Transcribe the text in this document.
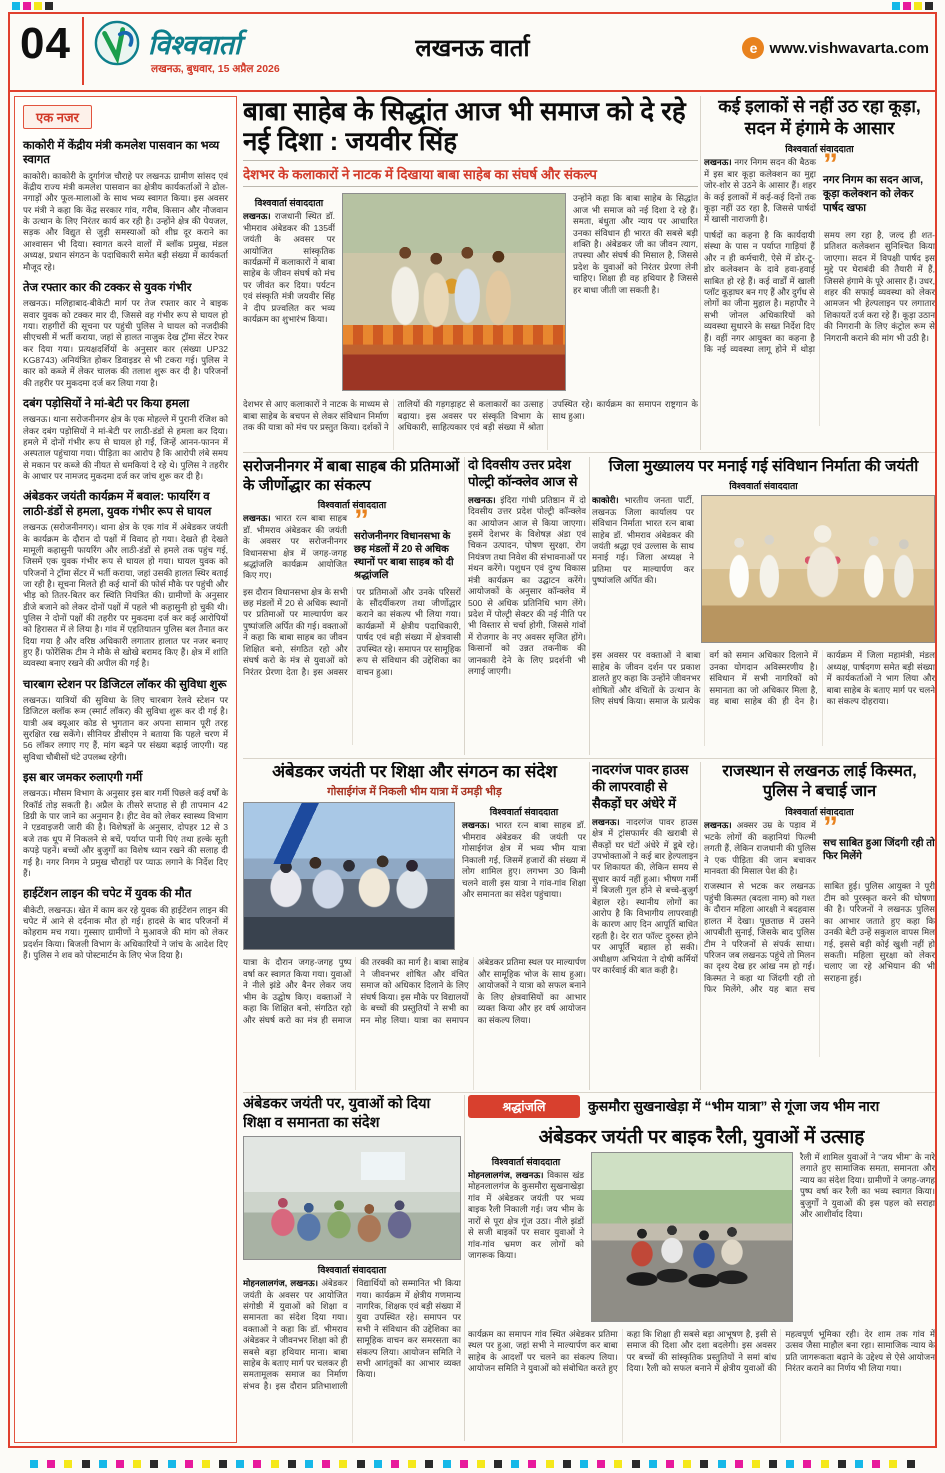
04	विश्ववार्ता
लखनऊ, बुधवार, 15 अप्रैल 2026
लखनऊ वार्ता	e www.vishwavarta.com
एक नजर
काकोरी में केंद्रीय मंत्री कमलेश पासवान का भव्य स्वागत

काकोरी। काकोरी के दुर्गागंज चौराहे पर लखनऊ ग्रामीण सांसद एवं केंद्रीय राज्य मंत्री कमलेश पासवान का क्षेत्रीय कार्यकर्ताओं ने ढोल-नगाड़ों और फूल-मालाओं के साथ भव्य स्वागत किया। इस अवसर पर मंत्री ने कहा कि केंद्र सरकार गांव, गरीब, किसान और नौजवान के उत्थान के लिए निरंतर कार्य कर रही है। उन्होंने क्षेत्र की पेयजल, सड़क और विद्युत से जुड़ी समस्याओं को शीघ्र दूर कराने का आश्वासन भी दिया। स्वागत करने वालों में ब्लॉक प्रमुख, मंडल अध्यक्ष, प्रधान संगठन के पदाधिकारी समेत बड़ी संख्या में कार्यकर्ता मौजूद रहे।

तेज रफ्तार कार की टक्कर से युवक गंभीर

लखनऊ। मलिहाबाद-बीकेटी मार्ग पर तेज रफ्तार कार ने बाइक सवार युवक को टक्कर मार दी, जिससे वह गंभीर रूप से घायल हो गया। राहगीरों की सूचना पर पहुंची पुलिस ने घायल को नजदीकी सीएचसी में भर्ती कराया, जहां से हालत नाजुक देख ट्रॉमा सेंटर रेफर कर दिया गया। प्रत्यक्षदर्शियों के अनुसार कार (संख्या UP32 KG8743) अनियंत्रित होकर डिवाइडर से भी टकरा गई। पुलिस ने कार को कब्जे में लेकर चालक की तलाश शुरू कर दी है। परिजनों की तहरीर पर मुकदमा दर्ज कर लिया गया है।

दबंग पड़ोसियों ने मां-बेटी पर किया हमला

लखनऊ। थाना सरोजनीनगर क्षेत्र के एक मोहल्ले में पुरानी रंजिश को लेकर दबंग पड़ोसियों ने मां-बेटी पर लाठी-डंडों से हमला कर दिया। हमले में दोनों गंभीर रूप से घायल हो गईं, जिन्हें आनन-फानन में अस्पताल पहुंचाया गया। पीड़िता का आरोप है कि आरोपी लंबे समय से मकान पर कब्जे की नीयत से धमकियां दे रहे थे। पुलिस ने तहरीर के आधार पर नामजद मुकदमा दर्ज कर जांच शुरू कर दी है।

अंबेडकर जयंती कार्यक्रम में बवाल: फायरिंग व लाठी-डंडों से हमला, युवक गंभीर रूप से घायल

लखनऊ (सरोजनीनगर)। थाना क्षेत्र के एक गांव में अंबेडकर जयंती के कार्यक्रम के दौरान दो पक्षों में विवाद हो गया। देखते ही देखते मामूली कहासुनी फायरिंग और लाठी-डंडों से हमले तक पहुंच गई, जिसमें एक युवक गंभीर रूप से घायल हो गया। घायल युवक को परिजनों ने ट्रॉमा सेंटर में भर्ती कराया, जहां उसकी हालत स्थिर बताई जा रही है। सूचना मिलते ही कई थानों की फोर्स मौके पर पहुंची और भीड़ को तितर-बितर कर स्थिति नियंत्रित की। ग्रामीणों के अनुसार डीजे बजाने को लेकर दोनों पक्षों में पहले भी कहासुनी हो चुकी थी। पुलिस ने दोनों पक्षों की तहरीर पर मुकदमा दर्ज कर कई आरोपियों को हिरासत में ले लिया है। गांव में एहतियातन पुलिस बल तैनात कर दिया गया है और वरिष्ठ अधिकारी लगातार हालात पर नजर बनाए हुए हैं। फोरेंसिक टीम ने मौके से खोखे बरामद किए हैं। क्षेत्र में शांति व्यवस्था बनाए रखने की अपील की गई है।

चारबाग स्टेशन पर डिजिटल लॉकर की सुविधा शुरू

लखनऊ। यात्रियों की सुविधा के लिए चारबाग रेलवे स्टेशन पर डिजिटल क्लॉक रूम (स्मार्ट लॉकर) की सुविधा शुरू कर दी गई है। यात्री अब क्यूआर कोड से भुगतान कर अपना सामान पूरी तरह सुरक्षित रख सकेंगे। सीनियर डीसीएम ने बताया कि पहले चरण में 56 लॉकर लगाए गए हैं, मांग बढ़ने पर संख्या बढ़ाई जाएगी। यह सुविधा चौबीसों घंटे उपलब्ध रहेगी।

इस बार जमकर रुलाएगी गर्मी

लखनऊ। मौसम विभाग के अनुसार इस बार गर्मी पिछले कई वर्षों के रिकॉर्ड तोड़ सकती है। अप्रैल के तीसरे सप्ताह से ही तापमान 42 डिग्री के पार जाने का अनुमान है। हीट वेव को लेकर स्वास्थ्य विभाग ने एडवाइजरी जारी की है। विशेषज्ञों के अनुसार, दोपहर 12 से 3 बजे तक धूप में निकलने से बचें, पर्याप्त पानी पिएं तथा हल्के सूती कपड़े पहनें। बच्चों और बुजुर्गों का विशेष ध्यान रखने की सलाह दी गई है। नगर निगम ने प्रमुख चौराहों पर प्याऊ लगाने के निर्देश दिए हैं।

हाईटेंशन लाइन की चपेट में युवक की मौत

बीकेटी, लखनऊ। खेत में काम कर रहे युवक की हाईटेंशन लाइन की चपेट में आने से दर्दनाक मौत हो गई। हादसे के बाद परिजनों में कोहराम मच गया। गुस्साए ग्रामीणों ने मुआवजे की मांग को लेकर प्रदर्शन किया। बिजली विभाग के अधिकारियों ने जांच के आदेश दिए हैं। पुलिस ने शव को पोस्टमार्टम के लिए भेज दिया है।

बाबा साहेब के सिद्धांत आज भी समाज को दे रहे नई दिशा : जयवीर सिंह
देशभर के कलाकारों ने नाटक में दिखाया बाबा साहेब का संघर्ष और संकल्प
विश्ववार्ता संवाददाता

लखनऊ। राजधानी स्थित डॉ. भीमराव अंबेडकर की 135वीं जयंती के अवसर पर आयोजित सांस्कृतिक कार्यक्रमों में कलाकारों ने बाबा साहेब के जीवन संघर्ष को मंच पर जीवंत कर दिया। पर्यटन एवं संस्कृति मंत्री जयवीर सिंह ने दीप प्रज्वलित कर भव्य कार्यक्रम का शुभारंभ किया।

उन्होंने कहा कि बाबा साहेब के सिद्धांत आज भी समाज को नई दिशा दे रहे हैं। समता, बंधुता और न्याय पर आधारित उनका संविधान ही भारत की सबसे बड़ी शक्ति है। अंबेडकर जी का जीवन त्याग, तपस्या और संघर्ष की मिसाल है, जिससे प्रदेश के युवाओं को निरंतर प्रेरणा लेनी चाहिए। शिक्षा ही वह हथियार है जिससे हर बाधा जीती जा सकती है।

देशभर से आए कलाकारों ने नाटक के माध्यम से बाबा साहेब के बचपन से लेकर संविधान निर्माण तक की यात्रा को मंच पर प्रस्तुत किया। दर्शकों ने तालियों की गड़गड़ाहट से कलाकारों का उत्साह बढ़ाया। इस अवसर पर संस्कृति विभाग के अधिकारी, साहित्यकार एवं बड़ी संख्या में श्रोता उपस्थित रहे। कार्यक्रम का समापन राष्ट्रगान के साथ हुआ।
कई इलाकों से नहीं उठ रहा कूड़ा, सदन में हंगामे के आसार
विश्ववार्ता संवाददाता

लखनऊ। नगर निगम सदन की बैठक में इस बार कूड़ा कलेक्शन का मुद्दा जोर-शोर से उठने के आसार हैं। शहर के कई इलाकों में कई-कई दिनों तक कूड़ा नहीं उठ रहा है, जिससे पार्षदों में खासी नाराजगी है।

” नगर निगम का सदन आज, कूड़ा कलेक्शन को लेकर पार्षद खफा
पार्षदों का कहना है कि कार्यदायी संस्था के पास न पर्याप्त गाड़ियां हैं और न ही कर्मचारी, ऐसे में डोर-टू-डोर कलेक्शन के दावे हवा-हवाई साबित हो रहे हैं। कई वार्डों में खाली प्लॉट कूड़ाघर बन गए हैं और दुर्गंध से लोगों का जीना मुहाल है। महापौर ने सभी जोनल अधिकारियों को व्यवस्था सुधारने के सख्त निर्देश दिए हैं। वहीं नगर आयुक्त का कहना है कि नई व्यवस्था लागू होने में थोड़ा समय लग रहा है, जल्द ही शत-प्रतिशत कलेक्शन सुनिश्चित किया जाएगा। सदन में विपक्षी पार्षद इस मुद्दे पर घेराबंदी की तैयारी में हैं, जिससे हंगामे के पूरे आसार हैं। उधर, शहर की सफाई व्यवस्था को लेकर आमजन भी हेल्पलाइन पर लगातार शिकायतें दर्ज करा रहे हैं। कूड़ा उठान की निगरानी के लिए कंट्रोल रूम से निगरानी कराने की मांग भी उठी है।
सरोजनीनगर में बाबा साहब की प्रतिमाओं के जीर्णोद्धार का संकल्प
विश्ववार्ता संवाददाता

लखनऊ। भारत रत्न बाबा साहब डॉ. भीमराव अंबेडकर की जयंती के अवसर पर सरोजनीनगर विधानसभा क्षेत्र में जगह-जगह श्रद्धांजलि कार्यक्रम आयोजित किए गए।

” सरोजनीनगर विधानसभा के छह मंडलों में 20 से अधिक स्थानों पर बाबा साहब को दी श्रद्धांजलि
इस दौरान विधानसभा क्षेत्र के सभी छह मंडलों में 20 से अधिक स्थानों पर प्रतिमाओं पर माल्यार्पण कर पुष्पांजलि अर्पित की गई। वक्ताओं ने कहा कि बाबा साहब का जीवन शिक्षित बनो, संगठित रहो और संघर्ष करो के मंत्र से युवाओं को निरंतर प्रेरणा देता है। इस अवसर पर प्रतिमाओं और उनके परिसरों के सौंदर्यीकरण तथा जीर्णोद्धार कराने का संकल्प भी लिया गया। कार्यक्रमों में क्षेत्रीय पदाधिकारी, पार्षद एवं बड़ी संख्या में क्षेत्रवासी उपस्थित रहे। समापन पर सामूहिक रूप से संविधान की उद्देशिका का वाचन हुआ।
दो दिवसीय उत्तर प्रदेश पोल्ट्री कॉन्क्लेव आज से

लखनऊ। इंदिरा गांधी प्रतिष्ठान में दो दिवसीय उत्तर प्रदेश पोल्ट्री कॉन्क्लेव का आयोजन आज से किया जाएगा। इसमें देशभर के विशेषज्ञ अंडा एवं चिकन उत्पादन, पोषण सुरक्षा, रोग नियंत्रण तथा निवेश की संभावनाओं पर मंथन करेंगे। पशुधन एवं दुग्ध विकास मंत्री कार्यक्रम का उद्घाटन करेंगे। आयोजकों के अनुसार कॉन्क्लेव में 500 से अधिक प्रतिनिधि भाग लेंगे। प्रदेश में पोल्ट्री सेक्टर की नई नीति पर भी विस्तार से चर्चा होगी, जिससे गांवों में रोजगार के नए अवसर सृजित होंगे। किसानों को उन्नत तकनीक की जानकारी देने के लिए प्रदर्शनी भी लगाई जाएगी।

जिला मुख्यालय पर मनाई गई संविधान निर्माता की जयंती
विश्ववार्ता संवाददाता

काकोरी। भारतीय जनता पार्टी, लखनऊ जिला कार्यालय पर संविधान निर्माता भारत रत्न बाबा साहेब डॉ. भीमराव अंबेडकर की जयंती श्रद्धा एवं उल्लास के साथ मनाई गई। जिला अध्यक्ष ने प्रतिमा पर माल्यार्पण कर पुष्पांजलि अर्पित की।

इस अवसर पर वक्ताओं ने बाबा साहेब के जीवन दर्शन पर प्रकाश डालते हुए कहा कि उन्होंने जीवनभर शोषितों और वंचितों के उत्थान के लिए संघर्ष किया। समाज के प्रत्येक वर्ग को समान अधिकार दिलाने में उनका योगदान अविस्मरणीय है। संविधान में सभी नागरिकों को समानता का जो अधिकार मिला है, वह बाबा साहेब की ही देन है। कार्यक्रम में जिला महामंत्री, मंडल अध्यक्ष, पार्षदगण समेत बड़ी संख्या में कार्यकर्ताओं ने भाग लिया और बाबा साहेब के बताए मार्ग पर चलने का संकल्प दोहराया।
अंबेडकर जयंती पर शिक्षा और संगठन का संदेश
गोसाईगंज में निकली भीम यात्रा में उमड़ी भीड़
विश्ववार्ता संवाददाता

लखनऊ। भारत रत्न बाबा साहब डॉ. भीमराव अंबेडकर की जयंती पर गोसाईगंज क्षेत्र में भव्य भीम यात्रा निकाली गई, जिसमें हजारों की संख्या में लोग शामिल हुए। लगभग 30 किमी चलने वाली इस यात्रा ने गांव-गांव शिक्षा और समानता का संदेश पहुंचाया।

यात्रा के दौरान जगह-जगह पुष्प वर्षा कर स्वागत किया गया। युवाओं ने नीले झंडे और बैनर लेकर जय भीम के उद्घोष किए। वक्ताओं ने कहा कि शिक्षित बनो, संगठित रहो और संघर्ष करो का मंत्र ही समाज की तरक्की का मार्ग है। बाबा साहेब ने जीवनभर शोषित और वंचित समाज को अधिकार दिलाने के लिए संघर्ष किया। इस मौके पर विद्यालयों के बच्चों की प्रस्तुतियों ने सभी का मन मोह लिया। यात्रा का समापन अंबेडकर प्रतिमा स्थल पर माल्यार्पण और सामूहिक भोज के साथ हुआ। आयोजकों ने यात्रा को सफल बनाने के लिए क्षेत्रवासियों का आभार व्यक्त किया और हर वर्ष आयोजन का संकल्प लिया।
नादरगंज पावर हाउस की लापरवाही से सैकड़ों घर अंधेरे में

लखनऊ। नादरगंज पावर हाउस क्षेत्र में ट्रांसफार्मर की खराबी से सैकड़ों घर घंटों अंधेरे में डूबे रहे। उपभोक्ताओं ने कई बार हेल्पलाइन पर शिकायत की, लेकिन समय से सुधार कार्य नहीं हुआ। भीषण गर्मी में बिजली गुल होने से बच्चे-बुजुर्ग बेहाल रहे। स्थानीय लोगों का आरोप है कि विभागीय लापरवाही के कारण आए दिन आपूर्ति बाधित रहती है। देर रात फॉल्ट दुरुस्त होने पर आपूर्ति बहाल हो सकी। अधीक्षण अभियंता ने दोषी कर्मियों पर कार्रवाई की बात कही है।

राजस्थान से लखनऊ लाई किस्मत, पुलिस ने बचाई जान
विश्ववार्ता संवाददाता

लखनऊ। अक्सर उम्र के पड़ाव में भटके लोगों की कहानियां फिल्मी लगती हैं, लेकिन राजधानी की पुलिस ने एक पीड़िता की जान बचाकर मानवता की मिसाल पेश की है।

” सच साबित हुआ जिंदगी रही तो फिर मिलेंगे
राजस्थान से भटक कर लखनऊ पहुंची किस्मत (बदला नाम) को गश्त के दौरान महिला आरक्षी ने बदहवास हालत में देखा। पूछताछ में उसने आपबीती सुनाई, जिसके बाद पुलिस टीम ने परिजनों से संपर्क साधा। परिजन जब लखनऊ पहुंचे तो मिलन का दृश्य देख हर आंख नम हो गई। किस्मत ने कहा था जिंदगी रही तो फिर मिलेंगे, और यह बात सच साबित हुई। पुलिस आयुक्त ने पूरी टीम को पुरस्कृत करने की घोषणा की है। परिजनों ने लखनऊ पुलिस का आभार जताते हुए कहा कि उनकी बेटी उन्हें सकुशल वापस मिल गई, इससे बड़ी कोई खुशी नहीं हो सकती। महिला सुरक्षा को लेकर चलाए जा रहे अभियान की भी सराहना हुई।
अंबेडकर जयंती पर, युवाओं को दिया शिक्षा व समानता का संदेश
विश्ववार्ता संवाददाता
मोहनलालगंज, लखनऊ। अंबेडकर जयंती के अवसर पर आयोजित संगोष्ठी में युवाओं को शिक्षा व समानता का संदेश दिया गया। वक्ताओं ने कहा कि डॉ. भीमराव अंबेडकर ने जीवनभर शिक्षा को ही सबसे बड़ा हथियार माना। बाबा साहेब के बताए मार्ग पर चलकर ही समतामूलक समाज का निर्माण संभव है। इस दौरान प्रतिभाशाली विद्यार्थियों को सम्मानित भी किया गया। कार्यक्रम में क्षेत्रीय गणमान्य नागरिक, शिक्षक एवं बड़ी संख्या में युवा उपस्थित रहे। समापन पर सभी ने संविधान की उद्देशिका का सामूहिक वाचन कर समरसता का संकल्प लिया। आयोजन समिति ने सभी आगंतुकों का आभार व्यक्त किया।
श्रद्धांजलि	कुसमौरा सुखनाखेड़ा में “भीम यात्रा” से गूंजा जय भीम नारा
अंबेडकर जयंती पर बाइक रैली, युवाओं में उत्साह
विश्ववार्ता संवाददाता

मोहनलालगंज, लखनऊ। विकास खंड मोहनलालगंज के कुसमौरा सुखनाखेड़ा गांव में अंबेडकर जयंती पर भव्य बाइक रैली निकाली गई। जय भीम के नारों से पूरा क्षेत्र गूंज उठा। नीले झंडों से सजी बाइकों पर सवार युवाओं ने गांव-गांव भ्रमण कर लोगों को जागरूक किया।

रैली में शामिल युवाओं ने “जय भीम” के नारे लगाते हुए सामाजिक समता, समानता और न्याय का संदेश दिया। ग्रामीणों ने जगह-जगह पुष्प वर्षा कर रैली का भव्य स्वागत किया। बुजुर्गों ने युवाओं की इस पहल को सराहा और आशीर्वाद दिया।

कार्यक्रम का समापन गांव स्थित अंबेडकर प्रतिमा स्थल पर हुआ, जहां सभी ने माल्यार्पण कर बाबा साहेब के आदर्शों पर चलने का संकल्प लिया। आयोजन समिति ने युवाओं को संबोधित करते हुए कहा कि शिक्षा ही सबसे बड़ा आभूषण है, इसी से समाज की दिशा और दशा बदलेगी। इस अवसर पर बच्चों की सांस्कृतिक प्रस्तुतियों ने समां बांध दिया। रैली को सफल बनाने में क्षेत्रीय युवाओं की महत्वपूर्ण भूमिका रही। देर शाम तक गांव में उत्सव जैसा माहौल बना रहा। सामाजिक न्याय के प्रति जागरूकता बढ़ाने के उद्देश्य से ऐसे आयोजन निरंतर कराने का निर्णय भी लिया गया।
